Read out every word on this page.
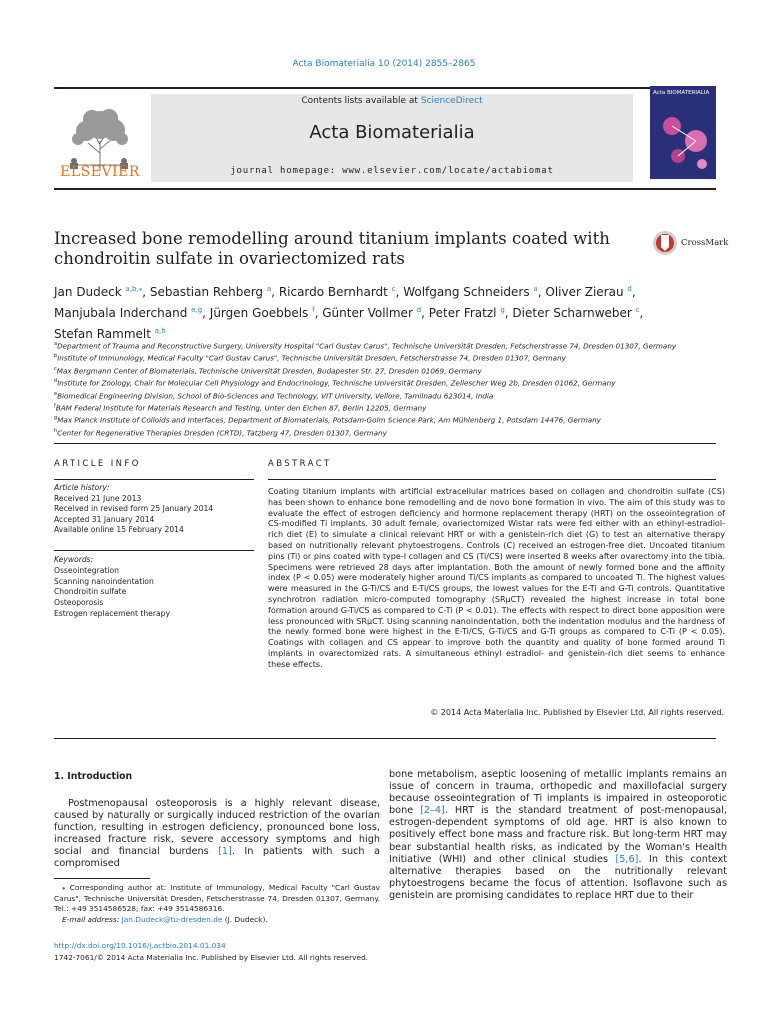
Acta Biomaterialia 10 (2014) 2855–2865
ELSEVIER
Contents lists available at ScienceDirect
Acta Biomaterialia
journal homepage: www.elsevier.com/locate/actabiomat
Acta BIOMATERIALIA
Increased bone remodelling around titanium implants coated with chondroitin sulfate in ovariectomized rats
CrossMark
Jan Dudeck $^{a,b,⁎}$, Sebastian Rehberg $^a$, Ricardo Bernhardt $^c$, Wolfgang Schneiders $^a$, Oliver Zierau $^d$,
Manjubala Inderchand $^{e,g}$, Jürgen Goebbels $^f$, Günter Vollmer $^d$, Peter Fratzl $^g$, Dieter Scharnweber $^c$,
Stefan Rammelt $^{a,h}$
$^a$Department of Trauma and Reconstructive Surgery, University Hospital "Carl Gustav Carus", Technische Universität Dresden, Fetscherstrasse 74, Dresden 01307, Germany
$^b$Institute of Immunology, Medical Faculty "Carl Gustav Carus", Technische Universität Dresden, Fetscherstrasse 74, Dresden 01307, Germany
$^c$Max Bergmann Center of Biomaterials, Technische Universität Dresden, Budapester Str. 27, Dresden 01069, Germany
$^d$Institute for Zoology, Chair for Molecular Cell Physiology and Endocrinology, Technische Universität Dresden, Zellescher Weg 2b, Dresden 01062, Germany
$^e$Biomedical Engineering Division, School of Bio-Sciences and Technology, VIT University, Vellore, Tamilnadu 623014, India
$^f$BAM Federal Institute for Materials Research and Testing, Unter den Eichen 87, Berlin 12205, Germany
$^g$Max Planck Institute of Colloids and Interfaces, Department of Biomaterials, Potsdam-Golm Science Park, Am Mühlenberg 1, Potsdam 14476, Germany
$^h$Center for Regenerative Therapies Dresden (CRTD), Tatzberg 47, Dresden 01307, Germany
ARTICLE INFO	ABSTRACT
Article history:
Received 21 June 2013
Received in revised form 25 January 2014
Accepted 31 January 2014
Available online 15 February 2014
Keywords:
Osseointegration
Scanning nanoindentation
Chondroitin sulfate
Osteoporosis
Estrogen replacement therapy
Coating titanium implants with artificial extracellular matrices based on collagen and chondroitin sulfate (CS) has been shown to enhance bone remodelling and de novo bone formation in vivo. The aim of this study was to evaluate the effect of estrogen deficiency and hormone replacement therapy (HRT) on the osseointegration of CS-modified Ti implants. 30 adult female, ovariectomized Wistar rats were fed either with an ethinyl-estradiol-rich diet (E) to simulate a clinical relevant HRT or with a genistein-rich diet (G) to test an alternative therapy based on nutritionally relevant phytoestrogens. Controls (C) received an estrogen-free diet. Uncoated titanium pins (Ti) or pins coated with type-I collagen and CS (Ti/CS) were inserted 8 weeks after ovarectomy into the tibia. Specimens were retrieved 28 days after implantation. Both the amount of newly formed bone and the affinity index (P < 0.05) were moderately higher around Ti/CS implants as compared to uncoated Ti. The highest values were measured in the G-Ti/CS and E-Ti/CS groups, the lowest values for the E-Ti and G-Ti controls. Quantitative synchrotron radiation micro-computed tomography (SRμCT) revealed the highest increase in total bone formation around G-Ti/CS as compared to C-Ti (P < 0.01). The effects with respect to direct bone apposition were less pronounced with SRμCT. Using scanning nanoindentation, both the indentation modulus and the hardness of the newly formed bone were highest in the E-Ti/CS, G-Ti/CS and G-Ti groups as compared to C-Ti (P < 0.05). Coatings with collagen and CS appear to improve both the quantity and quality of bone formed around Ti implants in ovarectomized rats. A simultaneous ethinyl estradiol- and genistein-rich diet seems to enhance these effects.
© 2014 Acta Materialia Inc. Published by Elsevier Ltd. All rights reserved.
1. Introduction
Postmenopausal osteoporosis is a highly relevant disease, caused by naturally or surgically induced restriction of the ovarian function, resulting in estrogen deficiency, pronounced bone loss, increased fracture risk, severe accessory symptoms and high social and financial burdens [1]. In patients with such a compromised
bone metabolism, aseptic loosening of metallic implants remains an issue of concern in trauma, orthopedic and maxillofacial surgery because osseointegration of Ti implants is impaired in osteoporotic bone [2–4]. HRT is the standard treatment of post-menopausal, estrogen-dependent symptoms of old age. HRT is also known to positively effect bone mass and fracture risk. But long-term HRT may bear substantial health risks, as indicated by the Woman's Health Initiative (WHI) and other clinical studies [5,6]. In this context alternative therapies based on the nutritionally relevant phytoestrogens became the focus of attention. Isoflavone such as genistein are promising candidates to replace HRT due to their
⁎ Corresponding author at: Institute of Immunology, Medical Faculty "Carl Gustav Carus", Technische Universität Dresden, Fetscherstrasse 74, Dresden 01307, Germany. Tel.: +49 3514586528; fax: +49 3514586316.
E-mail address: Jan.Dudeck@tu-dresden.de (J. Dudeck).
http://dx.doi.org/10.1016/j.actbio.2014.01.034
1742-7061/© 2014 Acta Materialia Inc. Published by Elsevier Ltd. All rights reserved.
